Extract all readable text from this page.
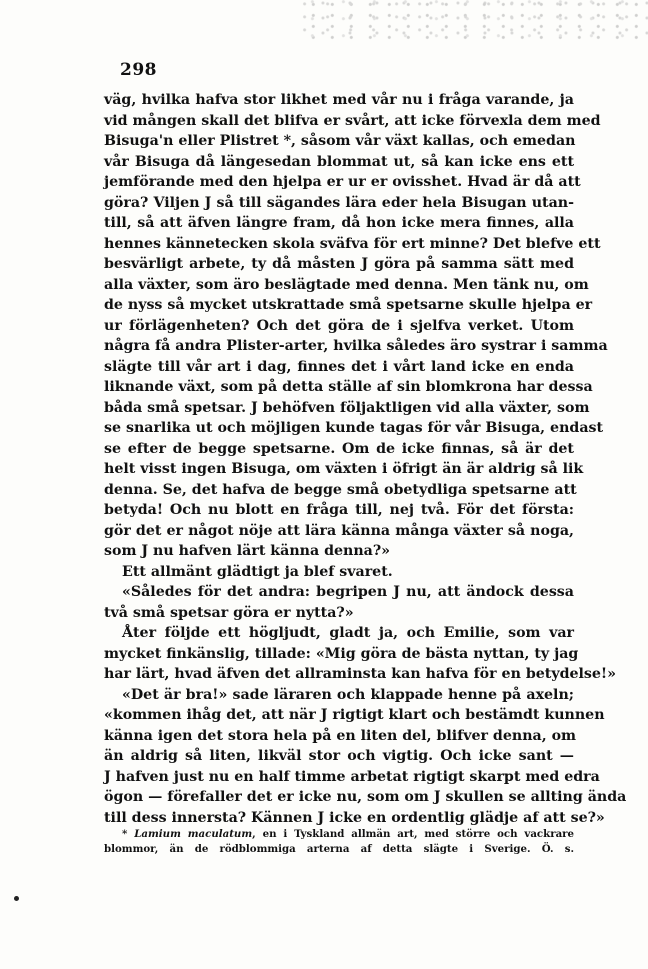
298
väg, hvilka hafva stor likhet med vår nu i fråga varande, ja
vid mången skall det blifva er svårt, att icke förvexla dem med
Bisuga'n eller Plistret *, såsom vår växt kallas, och emedan
vår Bisuga då längesedan blommat ut, så kan icke ens ett
jemförande med den hjelpa er ur er ovisshet. Hvad är då att
göra? Viljen J så till sägandes lära eder hela Bisugan utan-
till, så att äfven längre fram, då hon icke mera finnes, alla
hennes kännetecken skola sväfva för ert minne? Det blefve ett
besvärligt arbete, ty då måsten J göra på samma sätt med
alla växter, som äro beslägtade med denna. Men tänk nu, om
de nyss så mycket utskrattade små spetsarne skulle hjelpa er
ur förlägenheten? Och det göra de i sjelfva verket. Utom
några få andra Plister-arter, hvilka således äro systrar i samma
slägte till vår art i dag, finnes det i vårt land icke en enda
liknande växt, som på detta ställe af sin blomkrona har dessa
båda små spetsar. J behöfven följaktligen vid alla växter, som
se snarlika ut och möjligen kunde tagas för vår Bisuga, endast
se efter de begge spetsarne. Om de icke finnas, så är det
helt visst ingen Bisuga, om växten i öfrigt än är aldrig så lik
denna. Se, det hafva de begge små obetydliga spetsarne att
betyda! Och nu blott en fråga till, nej två. För det första:
gör det er något nöje att lära känna många växter så noga,
som J nu hafven lärt känna denna?»
Ett allmänt glädtigt ja blef svaret.
«Således för det andra: begripen J nu, att ändock dessa
två små spetsar göra er nytta?»
Åter följde ett högljudt, gladt ja, och Emilie, som var
mycket finkänslig, tillade: «Mig göra de bästa nyttan, ty jag
har lärt, hvad äfven det allraminsta kan hafva för en betydelse!»
«Det är bra!» sade läraren och klappade henne på axeln;
«kommen ihåg det, att när J rigtigt klart och bestämdt kunnen
känna igen det stora hela på en liten del, blifver denna, om
än aldrig så liten, likväl stor och vigtig. Och icke sant —
J hafven just nu en half timme arbetat rigtigt skarpt med edra
ögon — förefaller det er icke nu, som om J skullen se allting ända
till dess innersta? Kännen J icke en ordentlig glädje af att se?»
* Lamium maculatum, en i Tyskland allmän art, med större och vackrare
blommor, än de rödblommiga arterna af detta slägte i Sverige. Ö. s.
